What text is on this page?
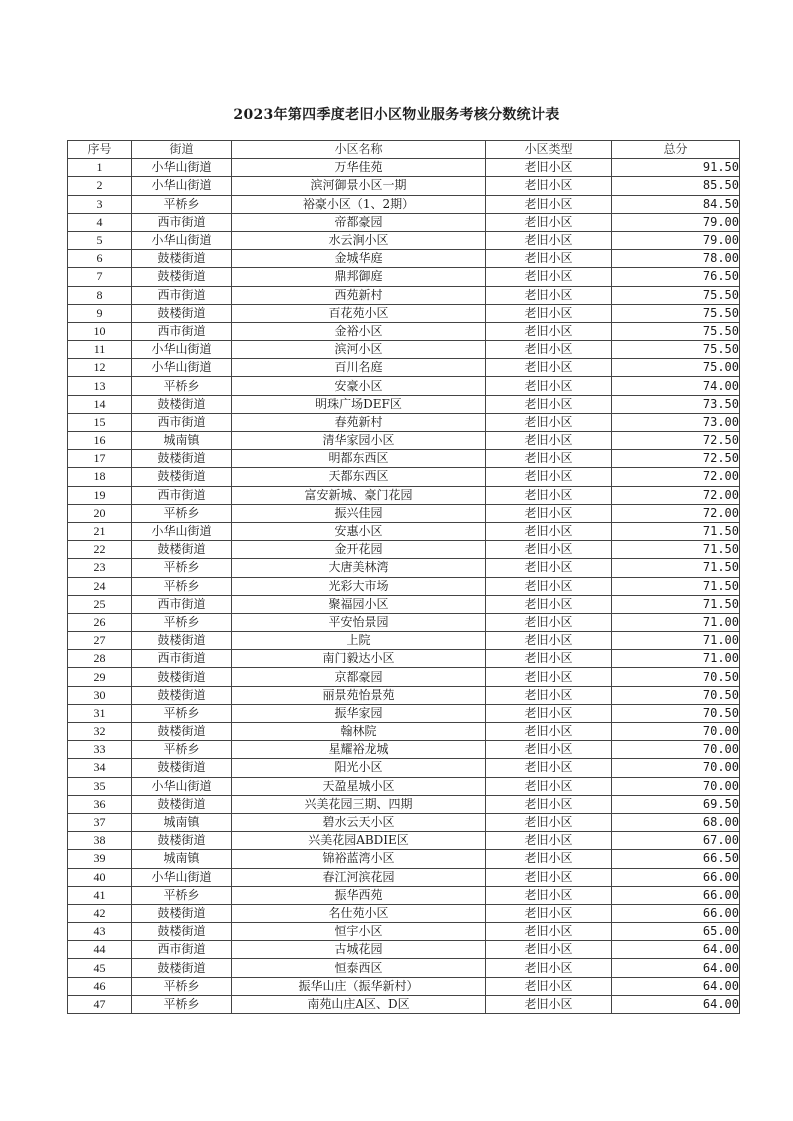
2023年第四季度老旧小区物业服务考核分数统计表
序号	街道	小区名称	小区类型	总分
1	小华山街道	万华佳苑	老旧小区	91.50
2	小华山街道	滨河御景小区一期	老旧小区	85.50
3	平桥乡	裕豪小区（1、2期）	老旧小区	84.50
4	西市街道	帝都豪园	老旧小区	79.00
5	小华山街道	水云涧小区	老旧小区	79.00
6	鼓楼街道	金城华庭	老旧小区	78.00
7	鼓楼街道	鼎邦御庭	老旧小区	76.50
8	西市街道	西苑新村	老旧小区	75.50
9	鼓楼街道	百花苑小区	老旧小区	75.50
10	西市街道	金裕小区	老旧小区	75.50
11	小华山街道	滨河小区	老旧小区	75.50
12	小华山街道	百川名庭	老旧小区	75.00
13	平桥乡	安豪小区	老旧小区	74.00
14	鼓楼街道	明珠广场DEF区	老旧小区	73.50
15	西市街道	春苑新村	老旧小区	73.00
16	城南镇	清华家园小区	老旧小区	72.50
17	鼓楼街道	明都东西区	老旧小区	72.50
18	鼓楼街道	天都东西区	老旧小区	72.00
19	西市街道	富安新城、豪门花园	老旧小区	72.00
20	平桥乡	振兴佳园	老旧小区	72.00
21	小华山街道	安惠小区	老旧小区	71.50
22	鼓楼街道	金开花园	老旧小区	71.50
23	平桥乡	大唐美林湾	老旧小区	71.50
24	平桥乡	光彩大市场	老旧小区	71.50
25	西市街道	聚福园小区	老旧小区	71.50
26	平桥乡	平安怡景园	老旧小区	71.00
27	鼓楼街道	上院	老旧小区	71.00
28	西市街道	南门毅达小区	老旧小区	71.00
29	鼓楼街道	京都豪园	老旧小区	70.50
30	鼓楼街道	丽景苑怡景苑	老旧小区	70.50
31	平桥乡	振华家园	老旧小区	70.50
32	鼓楼街道	翰林院	老旧小区	70.00
33	平桥乡	星耀裕龙城	老旧小区	70.00
34	鼓楼街道	阳光小区	老旧小区	70.00
35	小华山街道	天盈星城小区	老旧小区	70.00
36	鼓楼街道	兴美花园三期、四期	老旧小区	69.50
37	城南镇	碧水云天小区	老旧小区	68.00
38	鼓楼街道	兴美花园ABDIE区	老旧小区	67.00
39	城南镇	锦裕蓝湾小区	老旧小区	66.50
40	小华山街道	春江河滨花园	老旧小区	66.00
41	平桥乡	振华西苑	老旧小区	66.00
42	鼓楼街道	名仕苑小区	老旧小区	66.00
43	鼓楼街道	恒宇小区	老旧小区	65.00
44	西市街道	古城花园	老旧小区	64.00
45	鼓楼街道	恒泰西区	老旧小区	64.00
46	平桥乡	振华山庄（振华新村）	老旧小区	64.00
47	平桥乡	南苑山庄A区、D区	老旧小区	64.00
